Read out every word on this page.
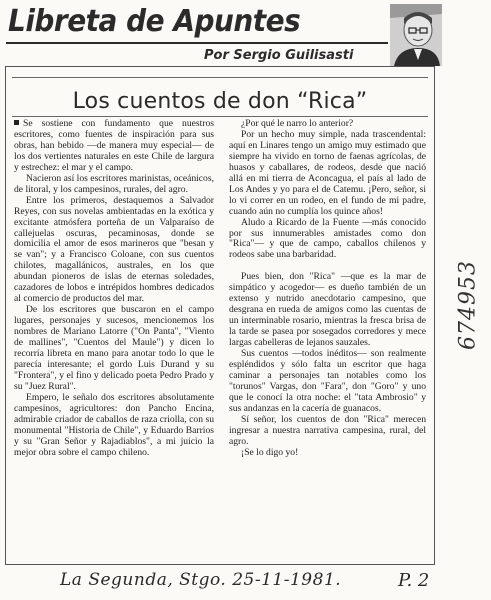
Libreta de Apuntes
Por Sergio Guilisasti
Los cuentos de don “Rica”

Se sostiene con fundamento que nuestros escritores, como fuentes de inspiración para sus obras, han bebido —de manera muy especial— de los dos vertientes naturales en este Chile de largura y estrechez: el mar y el campo.

Nacieron así los escritores marinistas, oceánicos, de litoral, y los campesinos, rurales, del agro.

Entre los primeros, destaquemos a Salvador Reyes, con sus novelas ambientadas en la exótica y excitante atmósfera porteña de un Valparaíso de callejuelas oscuras, pecaminosas, donde se domicilia el amor de esos marineros que "besan y se van"; y a Francisco Coloane, con sus cuentos chilotes, magallánicos, australes, en los que abundan pioneros de islas de eternas soledades, cazadores de lobos e intrépidos hombres dedicados al comercio de productos del mar.

De los escritores que buscaron en el campo lugares, personajes y sucesos, mencionemos los nombres de Mariano Latorre ("On Panta", "Viento de mallines", "Cuentos del Maule") y dicen lo recorría libreta en mano para anotar todo lo que le parecía interesante; el gordo Luis Durand y su "Frontera", y el fino y delicado poeta Pedro Prado y su "Juez Rural".

Empero, le señalo dos escritores absolutamente campesinos, agricultores: don Pancho Encina, admirable criador de caballos de raza criolla, con su monumental "Historia de Chile", y Eduardo Barrios y su "Gran Señor y Rajadiablos", a mi juicio la mejor obra sobre el campo chileno.

¿Por qué le narro lo anterior?

Por un hecho muy simple, nada trascendental: aquí en Linares tengo un amigo muy estimado que siempre ha vivido en torno de faenas agrícolas, de huasos y caballares, de rodeos, desde que nació allá en mi tierra de Aconcagua, el país al lado de Los Andes y yo para el de Catemu. ¡Pero, señor, si lo vi correr en un rodeo, en el fundo de mi padre, cuando aún no cumplía los quince años!

Aludo a Ricardo de la Fuente —más conocido por sus innumerables amistades como don "Rica"— y que de campo, caballos chilenos y rodeos sabe una barbaridad.

Pues bien, don "Rica" —que es la mar de simpático y acogedor— es dueño también de un extenso y nutrido anecdotario campesino, que desgrana en rueda de amigos como las cuentas de un interminable rosario, mientras la fresca brisa de la tarde se pasea por sosegados corredores y mece largas cabelleras de lejanos sauzales.

Sus cuentos —todos inéditos— son realmente espléndidos y sólo falta un escritor que haga caminar a personajes tan notables como los "torunos" Vargas, don "Fara", don "Goro" y uno que le conocí la otra noche: el "tata Ambrosio" y sus andanzas en la cacería de guanacos.

Sí señor, los cuentos de don "Rica" merecen ingresar a nuestra narrativa campesina, rural, del agro.

¡Se lo digo yo!

La Segunda, Stgo. 25-11-1981.	P. 2
674953
